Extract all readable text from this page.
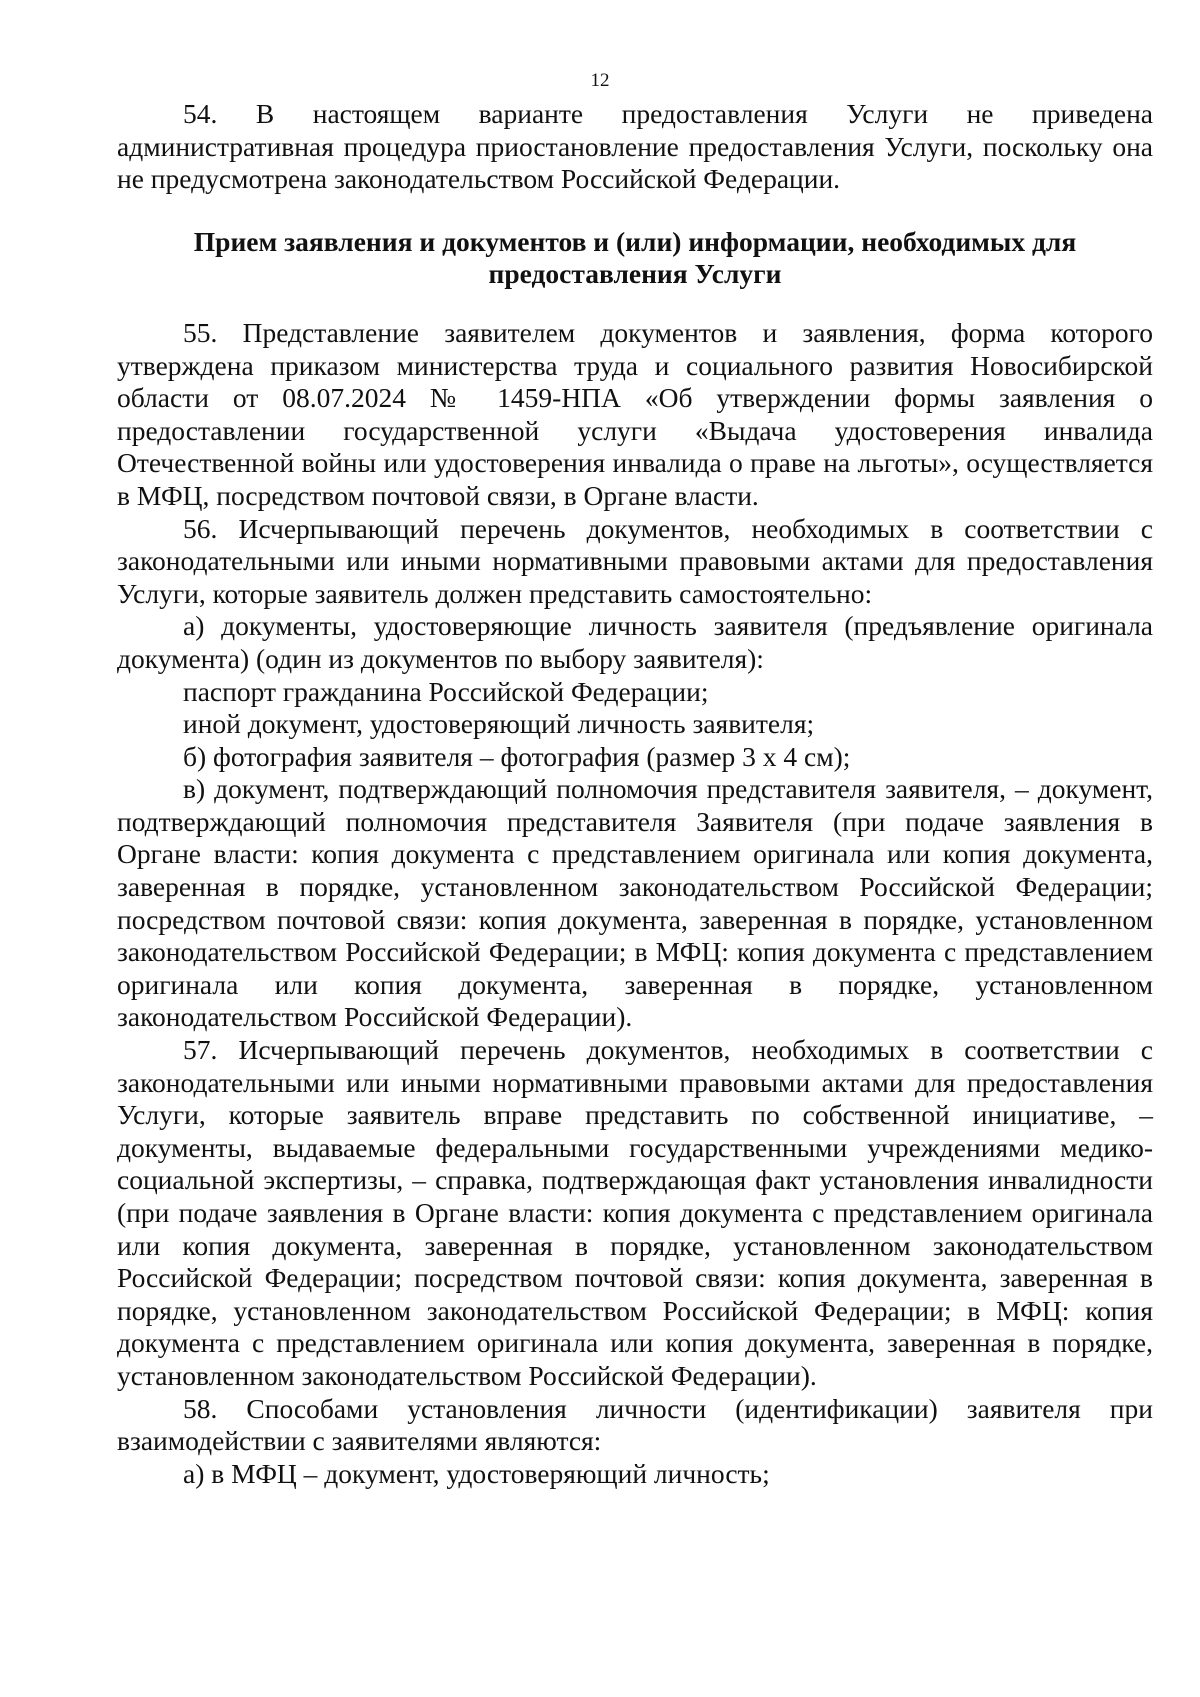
12

54. В настоящем варианте предоставления Услуги не приведена административная процедура приостановление предоставления Услуги, поскольку она не предусмотрена законодательством Российской Федерации.

Прием заявления и документов и (или) информации, необходимых для предоставления Услуги

55. Представление заявителем документов и заявления, форма которого утверждена приказом министерства труда и социального развития Новосибирской области от 08.07.2024 № 1459-НПА «Об утверждении формы заявления о предоставлении государственной услуги «Выдача удостоверения инвалида Отечественной войны или удостоверения инвалида о праве на льготы», осуществляется в МФЦ, посредством почтовой связи, в Органе власти.

56. Исчерпывающий перечень документов, необходимых в соответствии с законодательными или иными нормативными правовыми актами для предоставления Услуги, которые заявитель должен представить самостоятельно:

а) документы, удостоверяющие личность заявителя (предъявление оригинала документа) (один из документов по выбору заявителя):

паспорт гражданина Российской Федерации;

иной документ, удостоверяющий личность заявителя;

б) фотография заявителя – фотография (размер 3 х 4 см);

в) документ, подтверждающий полномочия представителя заявителя, – документ, подтверждающий полномочия представителя Заявителя (при подаче заявления в Органе власти: копия документа с представлением оригинала или копия документа, заверенная в порядке, установленном законодательством Российской Федерации; посредством почтовой связи: копия документа, заверенная в порядке, установленном законодательством Российской Федерации; в МФЦ: копия документа с представлением оригинала или копия документа, заверенная в порядке, установленном законодательством Российской Федерации).

57. Исчерпывающий перечень документов, необходимых в соответствии с законодательными или иными нормативными правовыми актами для предоставления Услуги, которые заявитель вправе представить по собственной инициативе, – документы, выдаваемые федеральными государственными учреждениями медико-социальной экспертизы, – справка, подтверждающая факт установления инвалидности (при подаче заявления в Органе власти: копия документа с представлением оригинала или копия документа, заверенная в порядке, установленном законодательством Российской Федерации; посредством почтовой связи: копия документа, заверенная в порядке, установленном законодательством Российской Федерации; в МФЦ: копия документа с представлением оригинала или копия документа, заверенная в порядке, установленном законодательством Российской Федерации).

58. Способами установления личности (идентификации) заявителя при взаимодействии с заявителями являются:

а) в МФЦ – документ, удостоверяющий личность;
